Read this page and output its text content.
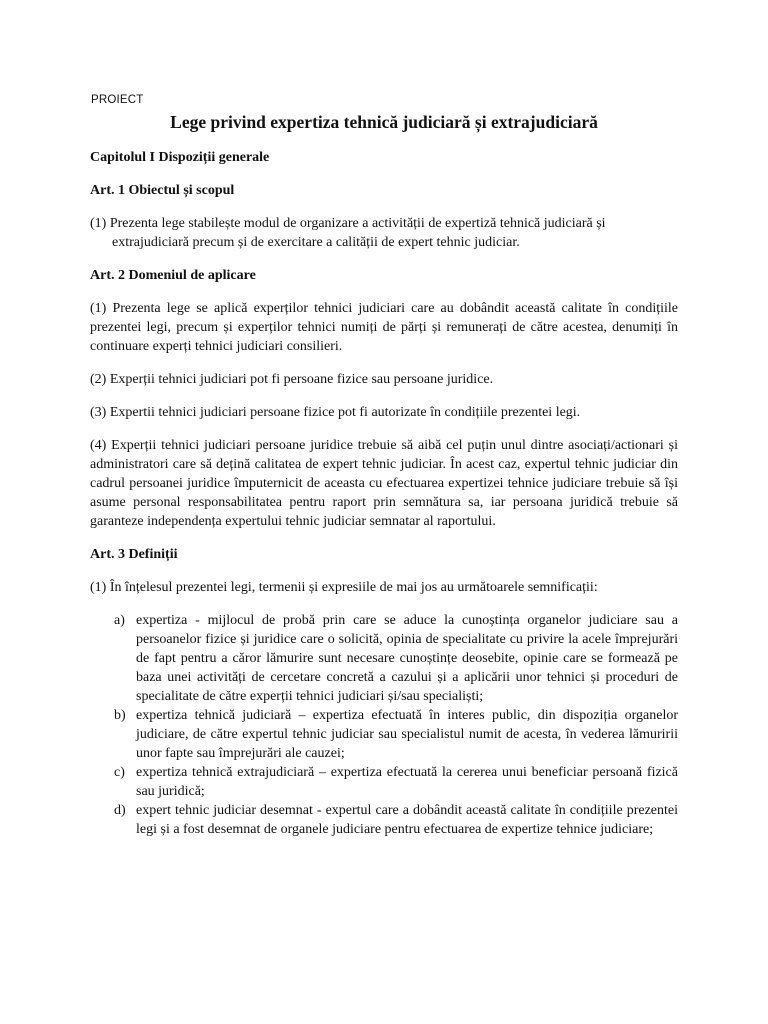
PROIECT
Lege privind expertiza tehnică judiciară și extrajudiciară
Capitolul I Dispoziții generale
Art. 1 Obiectul și scopul

(1) Prezenta lege stabilește modul de organizare a activității de expertiză tehnică judiciară și extrajudiciară precum și de exercitare a calității de expert tehnic judiciar.

Art. 2 Domeniul de aplicare

(1) Prezenta lege se aplică experților tehnici judiciari care au dobândit această calitate în condițiile prezentei legi, precum și experților tehnici numiți de părți și remunerați de către acestea, denumiți în continuare experți tehnici judiciari consilieri.

(2) Experții tehnici judiciari pot fi persoane fizice sau persoane juridice.

(3) Expertii tehnici judiciari persoane fizice pot fi autorizate în condițiile prezentei legi.

(4) Experții tehnici judiciari persoane juridice trebuie să aibă cel puțin unul dintre asociați/actionari și administratori care să dețină calitatea de expert tehnic judiciar. În acest caz, expertul tehnic judiciar din cadrul persoanei juridice împuternicit de aceasta cu efectuarea expertizei tehnice judiciare trebuie să își asume personal responsabilitatea pentru raport prin semnătura sa, iar persoana juridică trebuie să garanteze independența expertului tehnic judiciar semnatar al raportului.

Art. 3 Definiții

(1) În înțelesul prezentei legi, termenii și expresiile de mai jos au următoarele semnificații:

a) expertiza - mijlocul de probă prin care se aduce la cunoștința organelor judiciare sau a persoanelor fizice și juridice care o solicită, opinia de specialitate cu privire la acele împrejurări de fapt pentru a căror lămurire sunt necesare cunoștințe deosebite, opinie care se formează pe baza unei activități de cercetare concretă a cazului și a aplicării unor tehnici și proceduri de specialitate de către experții tehnici judiciari și/sau specialiști;
b) expertiza tehnică judiciară – expertiza efectuată în interes public, din dispoziția organelor judiciare, de către expertul tehnic judiciar sau specialistul numit de acesta, în vederea lămuririi unor fapte sau împrejurări ale cauzei;
c) expertiza tehnică extrajudiciară – expertiza efectuată la cererea unui beneficiar persoană fizică sau juridică;
d) expert tehnic judiciar desemnat - expertul care a dobândit această calitate în condițiile prezentei legi și a fost desemnat de organele judiciare pentru efectuarea de expertize tehnice judiciare;
